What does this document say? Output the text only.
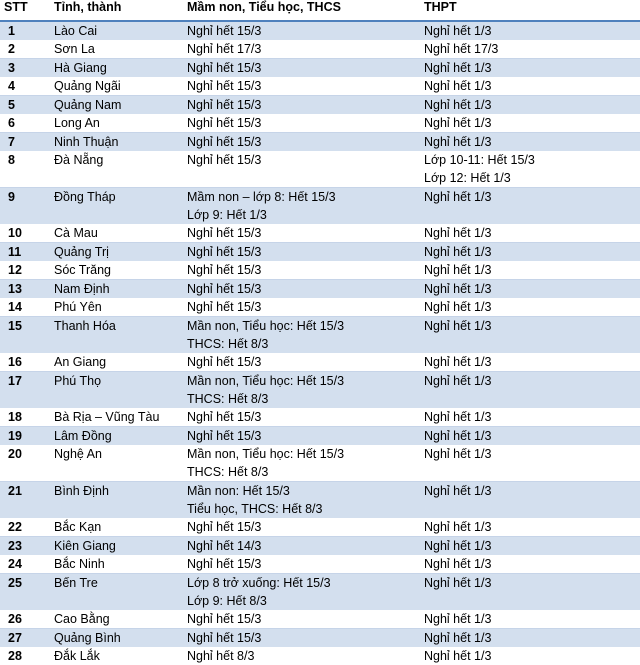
STT	Tỉnh, thành	Mầm non, Tiểu học, THCS	THPT
1	Lào Cai	Nghỉ hết 15/3	Nghỉ hết 1/3

2	Sơn La	Nghỉ hết 17/3	Nghỉ hết 17/3

3	Hà Giang	Nghỉ hết 15/3	Nghỉ hết 1/3

4	Quảng Ngãi	Nghỉ hết 15/3	Nghỉ hết 1/3

5	Quảng Nam	Nghỉ hết 15/3	Nghỉ hết 1/3

6	Long An	Nghỉ hết 15/3	Nghỉ hết 1/3

7	Ninh Thuận	Nghỉ hết 15/3	Nghỉ hết 1/3

8	Đà Nẵng	Nghỉ hết 15/3	Lớp 10-11: Hết 15/3
Lớp 12: Hết 1/3

9	Đồng Tháp	Mầm non – lớp 8: Hết 15/3
Lớp 9: Hết 1/3	Nghỉ hết 1/3

10	Cà Mau	Nghỉ hết 15/3	Nghỉ hết 1/3

11	Quảng Trị	Nghỉ hết 15/3	Nghỉ hết 1/3

12	Sóc Trăng	Nghỉ hết 15/3	Nghỉ hết 1/3

13	Nam Định	Nghỉ hết 15/3	Nghỉ hết 1/3

14	Phú Yên	Nghỉ hết 15/3	Nghỉ hết 1/3

15	Thanh Hóa	Mần non, Tiểu học: Hết 15/3
THCS: Hết 8/3	Nghỉ hết 1/3

16	An Giang	Nghỉ hết 15/3	Nghỉ hết 1/3

17	Phú Thọ	Mần non, Tiểu học: Hết 15/3
THCS: Hết 8/3	Nghỉ hết 1/3

18	Bà Rịa – Vũng Tàu	Nghỉ hết 15/3	Nghỉ hết 1/3

19	Lâm Đồng	Nghỉ hết 15/3	Nghỉ hết 1/3

20	Nghệ An	Mần non, Tiểu học: Hết 15/3
THCS: Hết 8/3	Nghỉ hết 1/3

21	Bình Định	Mần non: Hết 15/3
Tiểu học, THCS: Hết 8/3	Nghỉ hết 1/3

22	Bắc Kạn	Nghỉ hết 15/3	Nghỉ hết 1/3

23	Kiên Giang	Nghỉ hết 14/3	Nghỉ hết 1/3

24	Bắc Ninh	Nghỉ hết 15/3	Nghỉ hết 1/3

25	Bến Tre	Lớp 8 trở xuống: Hết 15/3
Lớp 9: Hết 8/3	Nghỉ hết 1/3

26	Cao Bằng	Nghỉ hết 15/3	Nghỉ hết 1/3

27	Quảng Bình	Nghỉ hết 15/3	Nghỉ hết 1/3

28	Đắk Lắk	Nghỉ hết 8/3	Nghỉ hết 1/3
